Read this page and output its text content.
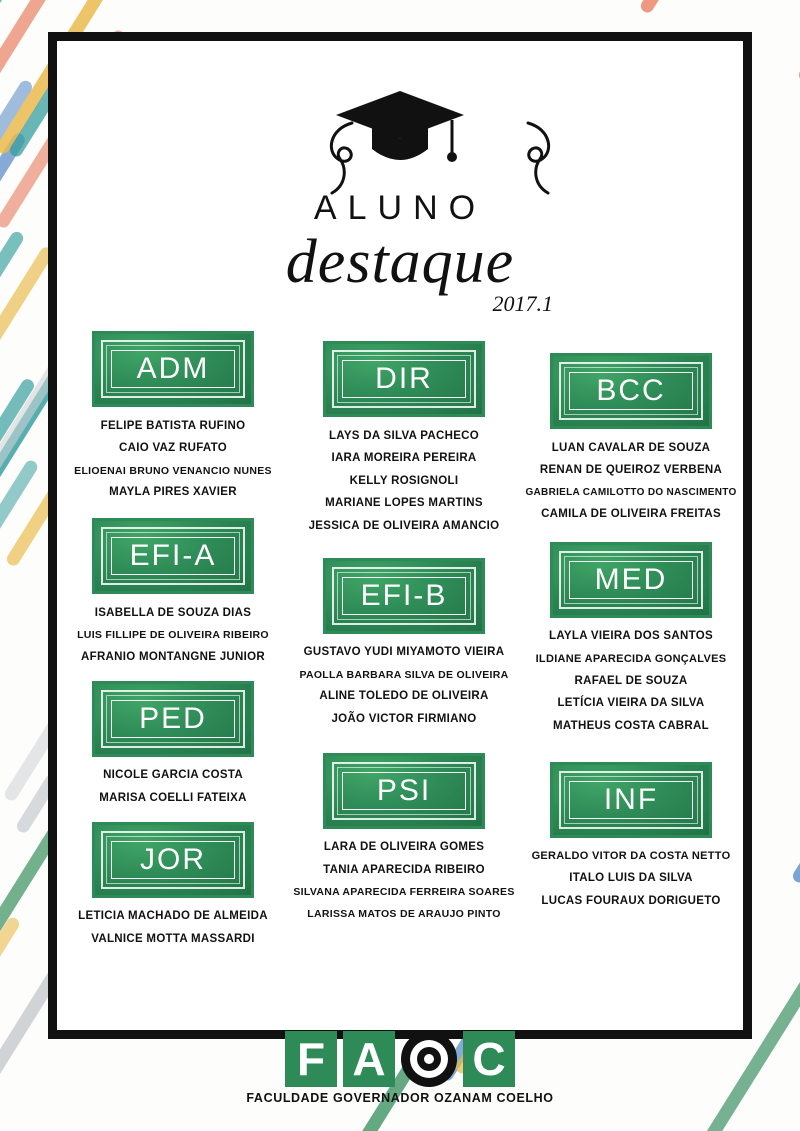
ALUNO
destaque
2017.1
ADM
FELIPE BATISTA RUFINO
CAIO VAZ RUFATO
ELIOENAI BRUNO VENANCIO NUNES
MAYLA PIRES XAVIER
EFI-A
ISABELLA DE SOUZA DIAS
LUIS FILLIPE DE OLIVEIRA RIBEIRO
AFRANIO MONTANGNE JUNIOR
PED
NICOLE GARCIA COSTA
MARISA COELLI FATEIXA
JOR
LETICIA MACHADO DE ALMEIDA
VALNICE MOTTA MASSARDI
DIR
LAYS DA SILVA PACHECO
IARA MOREIRA PEREIRA
KELLY ROSIGNOLI
MARIANE LOPES MARTINS
JESSICA DE OLIVEIRA AMANCIO
EFI-B
GUSTAVO YUDI MIYAMOTO VIEIRA
PAOLLA BARBARA SILVA DE OLIVEIRA
ALINE TOLEDO DE OLIVEIRA
JOÃO VICTOR FIRMIANO
PSI
LARA DE OLIVEIRA GOMES
TANIA APARECIDA RIBEIRO
SILVANA APARECIDA FERREIRA SOARES
LARISSA MATOS DE ARAUJO PINTO
BCC
LUAN CAVALAR DE SOUZA
RENAN DE QUEIROZ VERBENA
GABRIELA CAMILOTTO DO NASCIMENTO
CAMILA DE OLIVEIRA FREITAS
MED
LAYLA VIEIRA DOS SANTOS
ILDIANE APARECIDA GONÇALVES
RAFAEL DE SOUZA
LETÍCIA VIEIRA DA SILVA
MATHEUS COSTA CABRAL
INF
GERALDO VITOR DA COSTA NETTO
ITALO LUIS DA SILVA
LUCAS FOURAUX DORIGUETO
F A C
FACULDADE GOVERNADOR OZANAM COELHO
